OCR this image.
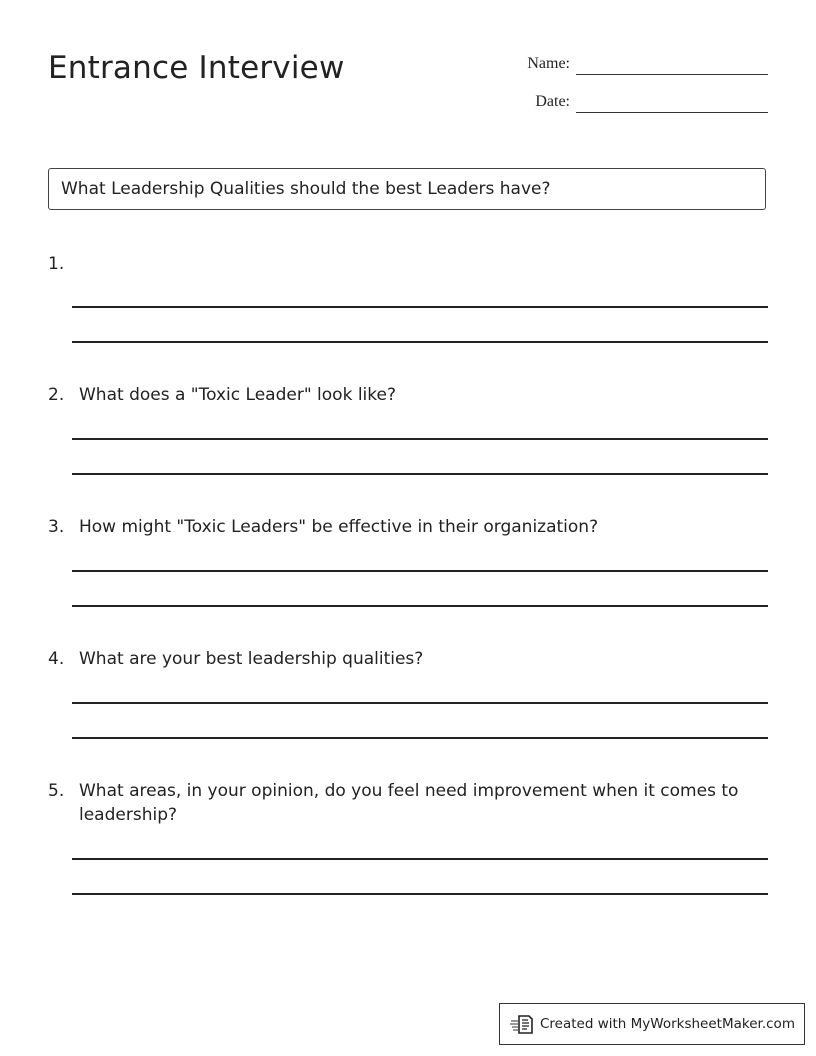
Entrance Interview	Name:
Date:
What Leadership Qualities should the best Leaders have?
1.
2. What does a "Toxic Leader" look like?
3. How might "Toxic Leaders" be effective in their organization?
4. What are your best leadership qualities?
5. What areas, in your opinion, do you feel need improvement when it comes to leadership?
Created with MyWorksheetMaker.com
